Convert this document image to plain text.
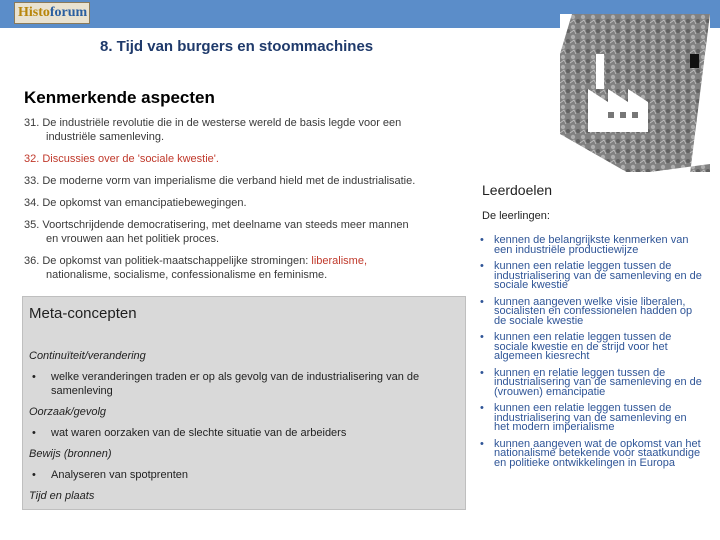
Histoforum
8. Tijd van burgers en stoommachines
Kenmerkende aspecten
31. De industriële revolutie die in de westerse wereld de basis legde voor een
industriële samenleving.
32. Discussies over de 'sociale kwestie'.
33. De moderne vorm van imperialisme die verband hield met de industrialisatie.
34. De opkomst van emancipatiebewegingen.
35. Voortschrijdende democratisering, met deelname van steeds meer mannen
en vrouwen aan het politiek proces.
36. De opkomst van politiek-maatschappelijke stromingen: liberalisme,
nationalisme, socialisme, confessionalisme en feminisme.
Meta-concepten
Continuïteit/verandering
• welke veranderingen traden er op als gevolg van de industrialisering van de samenleving
Oorzaak/gevolg
• wat waren oorzaken van de slechte situatie van de arbeiders
Bewijs (bronnen)
• Analyseren van spotprenten
Tijd en plaats
Leerdoelen
De leerlingen:
• kennen de belangrijkste kenmerken van een industriële productiewijze
• kunnen een relatie leggen tussen de industrialisering van de samenleving en de sociale kwestie
• kunnen aangeven welke visie liberalen, socialisten en confessionelen hadden op de sociale kwestie
• kunnen een relatie leggen tussen de sociale kwestie en de strijd voor het algemeen kiesrecht
• kunnen en relatie leggen tussen de industrialisering van de samenleving en de (vrouwen) emancipatie
• kunnen een relatie leggen tussen de industrialisering van de samenleving en het modern imperialisme
• kunnen aangeven wat de opkomst van het nationalisme betekende voor staatkundige en politieke ontwikkelingen in Europa
